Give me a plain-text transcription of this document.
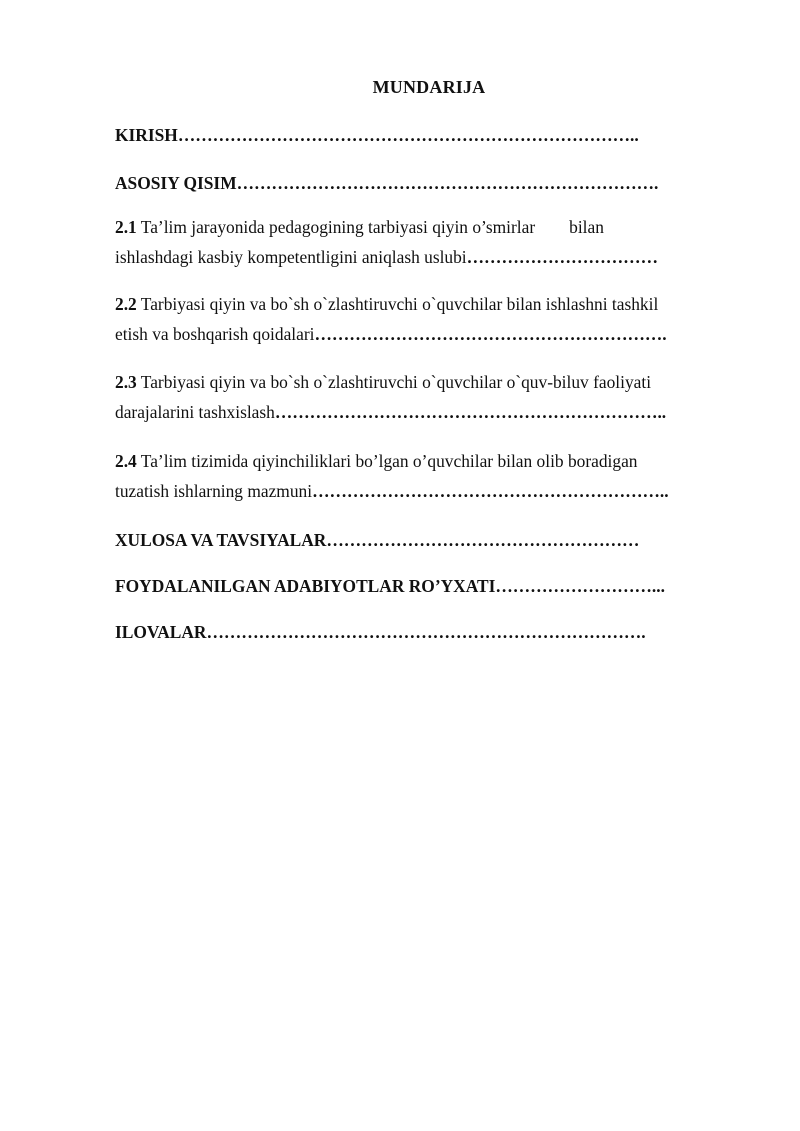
MUNDARIJA
KIRISH……………………………………………………………………..
ASOSIY QISIM……………………………………………………………….
2.1 Ta’lim jarayonida pedagogining tarbiyasi qiyin o’smirlar bilan
ishlashdagi kasbiy kompetentligini aniqlash uslubi……………………………
2.2 Tarbiyasi qiyin va bo`sh o`zlashtiruvchi o`quvchilar bilan ishlashni tashkil
etish va boshqarish qoidalari…………………………………………………….
2.3 Tarbiyasi qiyin va bo`sh o`zlashtiruvchi o`quvchilar o`quv-biluv faoliyati
darajalarini tashxislash…………………………………………………………..
2.4 Ta’lim tizimida qiyinchiliklari bo’lgan o’quvchilar bilan olib boradigan
tuzatish ishlarning mazmuni……………………………………………………..
XULOSA VA TAVSIYALAR………………………………………………
FOYDALANILGAN ADABIYOTLAR RO’YXATI………………………...
ILOVALAR………………………………………………………………….
